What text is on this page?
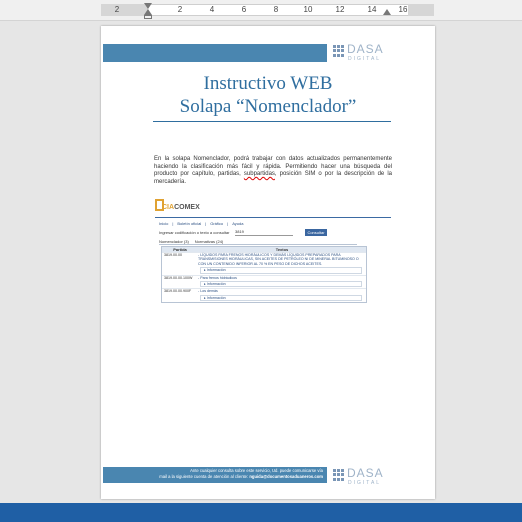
2	2	4	6	8	10	12	14	16
DASA
DIGITAL
Instructivo WEB
Solapa “Nomenclador”
En la solapa Nomenclador, podrá trabajar con datos actualizados permanentemente haciendo la clasificación más fácil y rápida. Permitiendo hacer una búsqueda del producto por capítulo, partidas, subpartidas, posición SIM o por la descripción de la mercadería.
CIACOMEX
Inicio | Boletín oficial | Gráfico | Ayuda
Ingresar codificación o texto a consultar 3819	Consultar
Nomenclador (3) Normativas (24)
Partida	Textos
3819.00.00	- LÍQUIDOS PARA FRENOS HIDRÁULICOS Y DEMÁS LÍQUIDOS PREPARADOS PARA TRANSMISIONES HIDRÁULICAS, SIN ACEITES DE PETRÓLEO NI DE MINERAL BITUMINOSO O CON UN CONTENIDO INFERIOR AL 70 % EN PESO DE DICHOS ACEITES.
▸ Información
3819.00.00.100W	- Para frenos hidráulicos
▸ Información
3819.00.00.900F	- Los demás
▸ Información
Ante cualquier consulta sobre este servicio, Ud. puede comunicarse vía
mail a la siguiente cuenta de atención al cliente: nguida@documentosaduaneros.com DASA
DIGITAL
